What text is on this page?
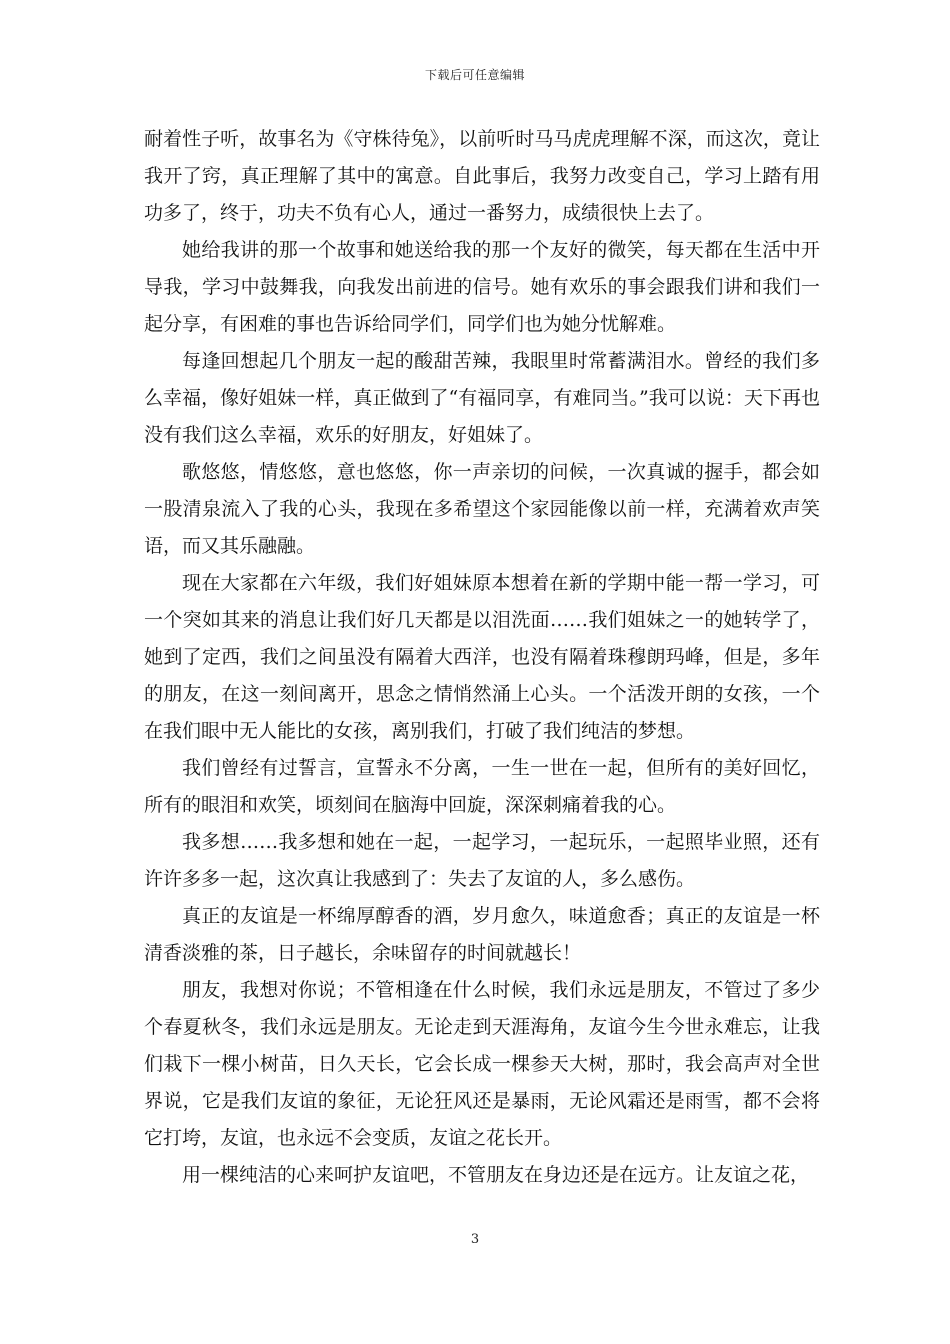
下载后可任意编辑

耐着性子听，故事名为《守株待兔》，以前听时马马虎虎理解不深，而这次，竟让我开了窍，真正理解了其中的寓意。自此事后，我努力改变自己，学习上踏有用功多了，终于，功夫不负有心人，通过一番努力，成绩很快上去了。

她给我讲的那一个故事和她送给我的那一个友好的微笑，每天都在生活中开导我，学习中鼓舞我，向我发出前进的信号。她有欢乐的事会跟我们讲和我们一起分享，有困难的事也告诉给同学们，同学们也为她分忧解难。

每逢回想起几个朋友一起的酸甜苦辣，我眼里时常蓄满泪水。曾经的我们多么幸福，像好姐妹一样，真正做到了“有福同享，有难同当。”我可以说：天下再也没有我们这么幸福，欢乐的好朋友，好姐妹了。

歌悠悠，情悠悠，意也悠悠，你一声亲切的问候，一次真诚的握手，都会如一股清泉流入了我的心头，我现在多希望这个家园能像以前一样，充满着欢声笑语，而又其乐融融。

现在大家都在六年级，我们好姐妹原本想着在新的学期中能一帮一学习，可一个突如其来的消息让我们好几天都是以泪洗面……我们姐妹之一的她转学了，她到了定西，我们之间虽没有隔着大西洋，也没有隔着珠穆朗玛峰，但是，多年的朋友，在这一刻间离开，思念之情悄然涌上心头。一个活泼开朗的女孩，一个在我们眼中无人能比的女孩，离别我们，打破了我们纯洁的梦想。

我们曾经有过誓言，宣誓永不分离，一生一世在一起，但所有的美好回忆，所有的眼泪和欢笑，顷刻间在脑海中回旋，深深刺痛着我的心。

我多想……我多想和她在一起，一起学习，一起玩乐，一起照毕业照，还有许许多多一起，这次真让我感到了：失去了友谊的人，多么感伤。

真正的友谊是一杯绵厚醇香的酒，岁月愈久，味道愈香；真正的友谊是一杯清香淡雅的茶，日子越长，余味留存的时间就越长！

朋友，我想对你说；不管相逢在什么时候，我们永远是朋友，不管过了多少个春夏秋冬，我们永远是朋友。无论走到天涯海角，友谊今生今世永难忘，让我们栽下一棵小树苗，日久天长，它会长成一棵参天大树，那时，我会高声对全世界说，它是我们友谊的象征，无论狂风还是暴雨，无论风霜还是雨雪，都不会将它打垮，友谊，也永远不会变质，友谊之花长开。

用一棵纯洁的心来呵护友谊吧，不管朋友在身边还是在远方。让友谊之花，

3
